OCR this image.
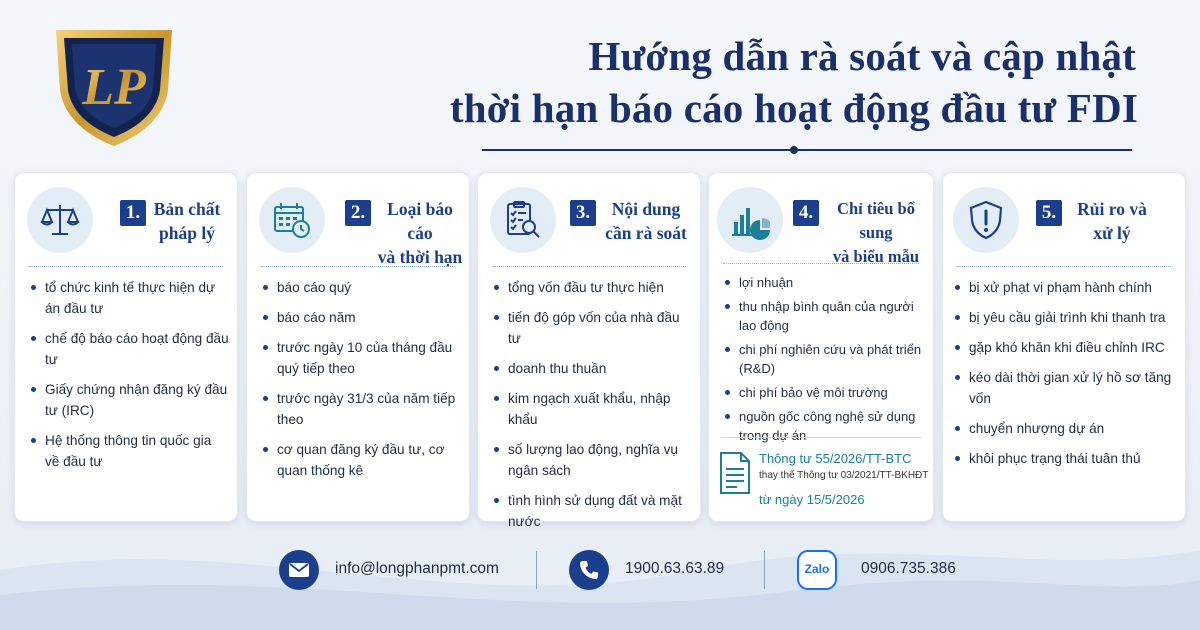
LP
Hướng dẫn rà soát và cập nhật
thời hạn báo cáo hoạt động đầu tư FDI
1. Bản chất
pháp lý
tổ chức kinh tế thực hiện dự án đầu tư
chế độ báo cáo hoạt động đầu tư
Giấy chứng nhận đăng ký đầu tư (IRC)
Hệ thống thông tin quốc gia về đầu tư
2.	Loại báo cáo
và thời hạn
báo cáo quý
báo cáo năm
trước ngày 10 của tháng đầu quý tiếp theo
trước ngày 31/3 của năm tiếp theo
cơ quan đăng ký đầu tư, cơ quan thống kê
3.	Nội dung
cần rà soát
tổng vốn đầu tư thực hiện
tiến độ góp vốn của nhà đầu tư
doanh thu thuần
kim ngạch xuất khẩu, nhập khẩu
số lượng lao động, nghĩa vụ ngân sách
tình hình sử dụng đất và mặt nước
4.	Chỉ tiêu bổ sung
và biểu mẫu
lợi nhuận
thu nhập bình quân của người lao động
chi phí nghiên cứu và phát triển (R&D)
chi phí bảo vệ môi trường
nguồn gốc công nghệ sử dụng trong dự án
Thông tư 55/2026/TT-BTC
thay thế Thông tư 03/2021/TT-BKHĐT
từ ngày 15/5/2026
5.	Rủi ro và
xử lý
bị xử phạt vi phạm hành chính
bị yêu cầu giải trình khi thanh tra
gặp khó khăn khi điều chỉnh IRC
kéo dài thời gian xử lý hồ sơ tăng vốn
chuyển nhượng dự án
khôi phục trạng thái tuân thủ
info@longphanpmt.com	1900.63.63.89	Zalo	0906.735.386
